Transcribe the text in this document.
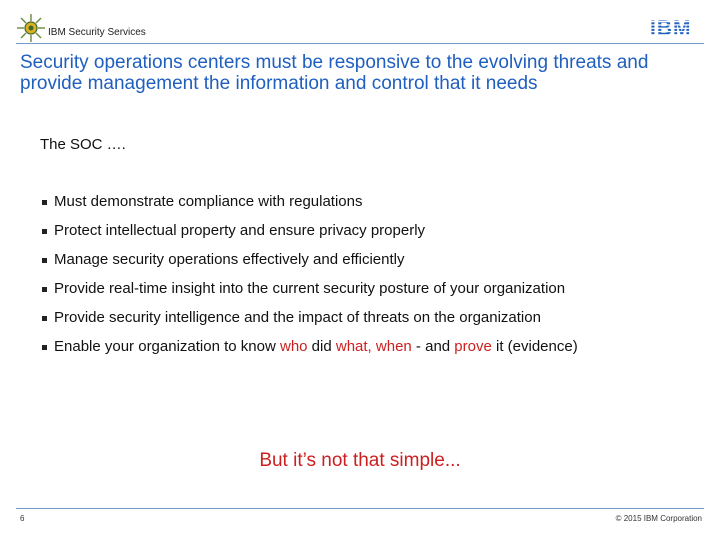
IBM Security Services
Security operations centers must be responsive to the evolving threats and provide management the information and control that it needs
The SOC ….
Must demonstrate compliance with regulations
Protect intellectual property and ensure privacy properly
Manage security operations effectively and efficiently
Provide real-time insight into the current security posture of your organization
Provide security intelligence and the impact of threats on the organization
Enable your organization to know who did what, when - and prove it (evidence)
But it’s not that simple...
6	© 2015 IBM Corporation
